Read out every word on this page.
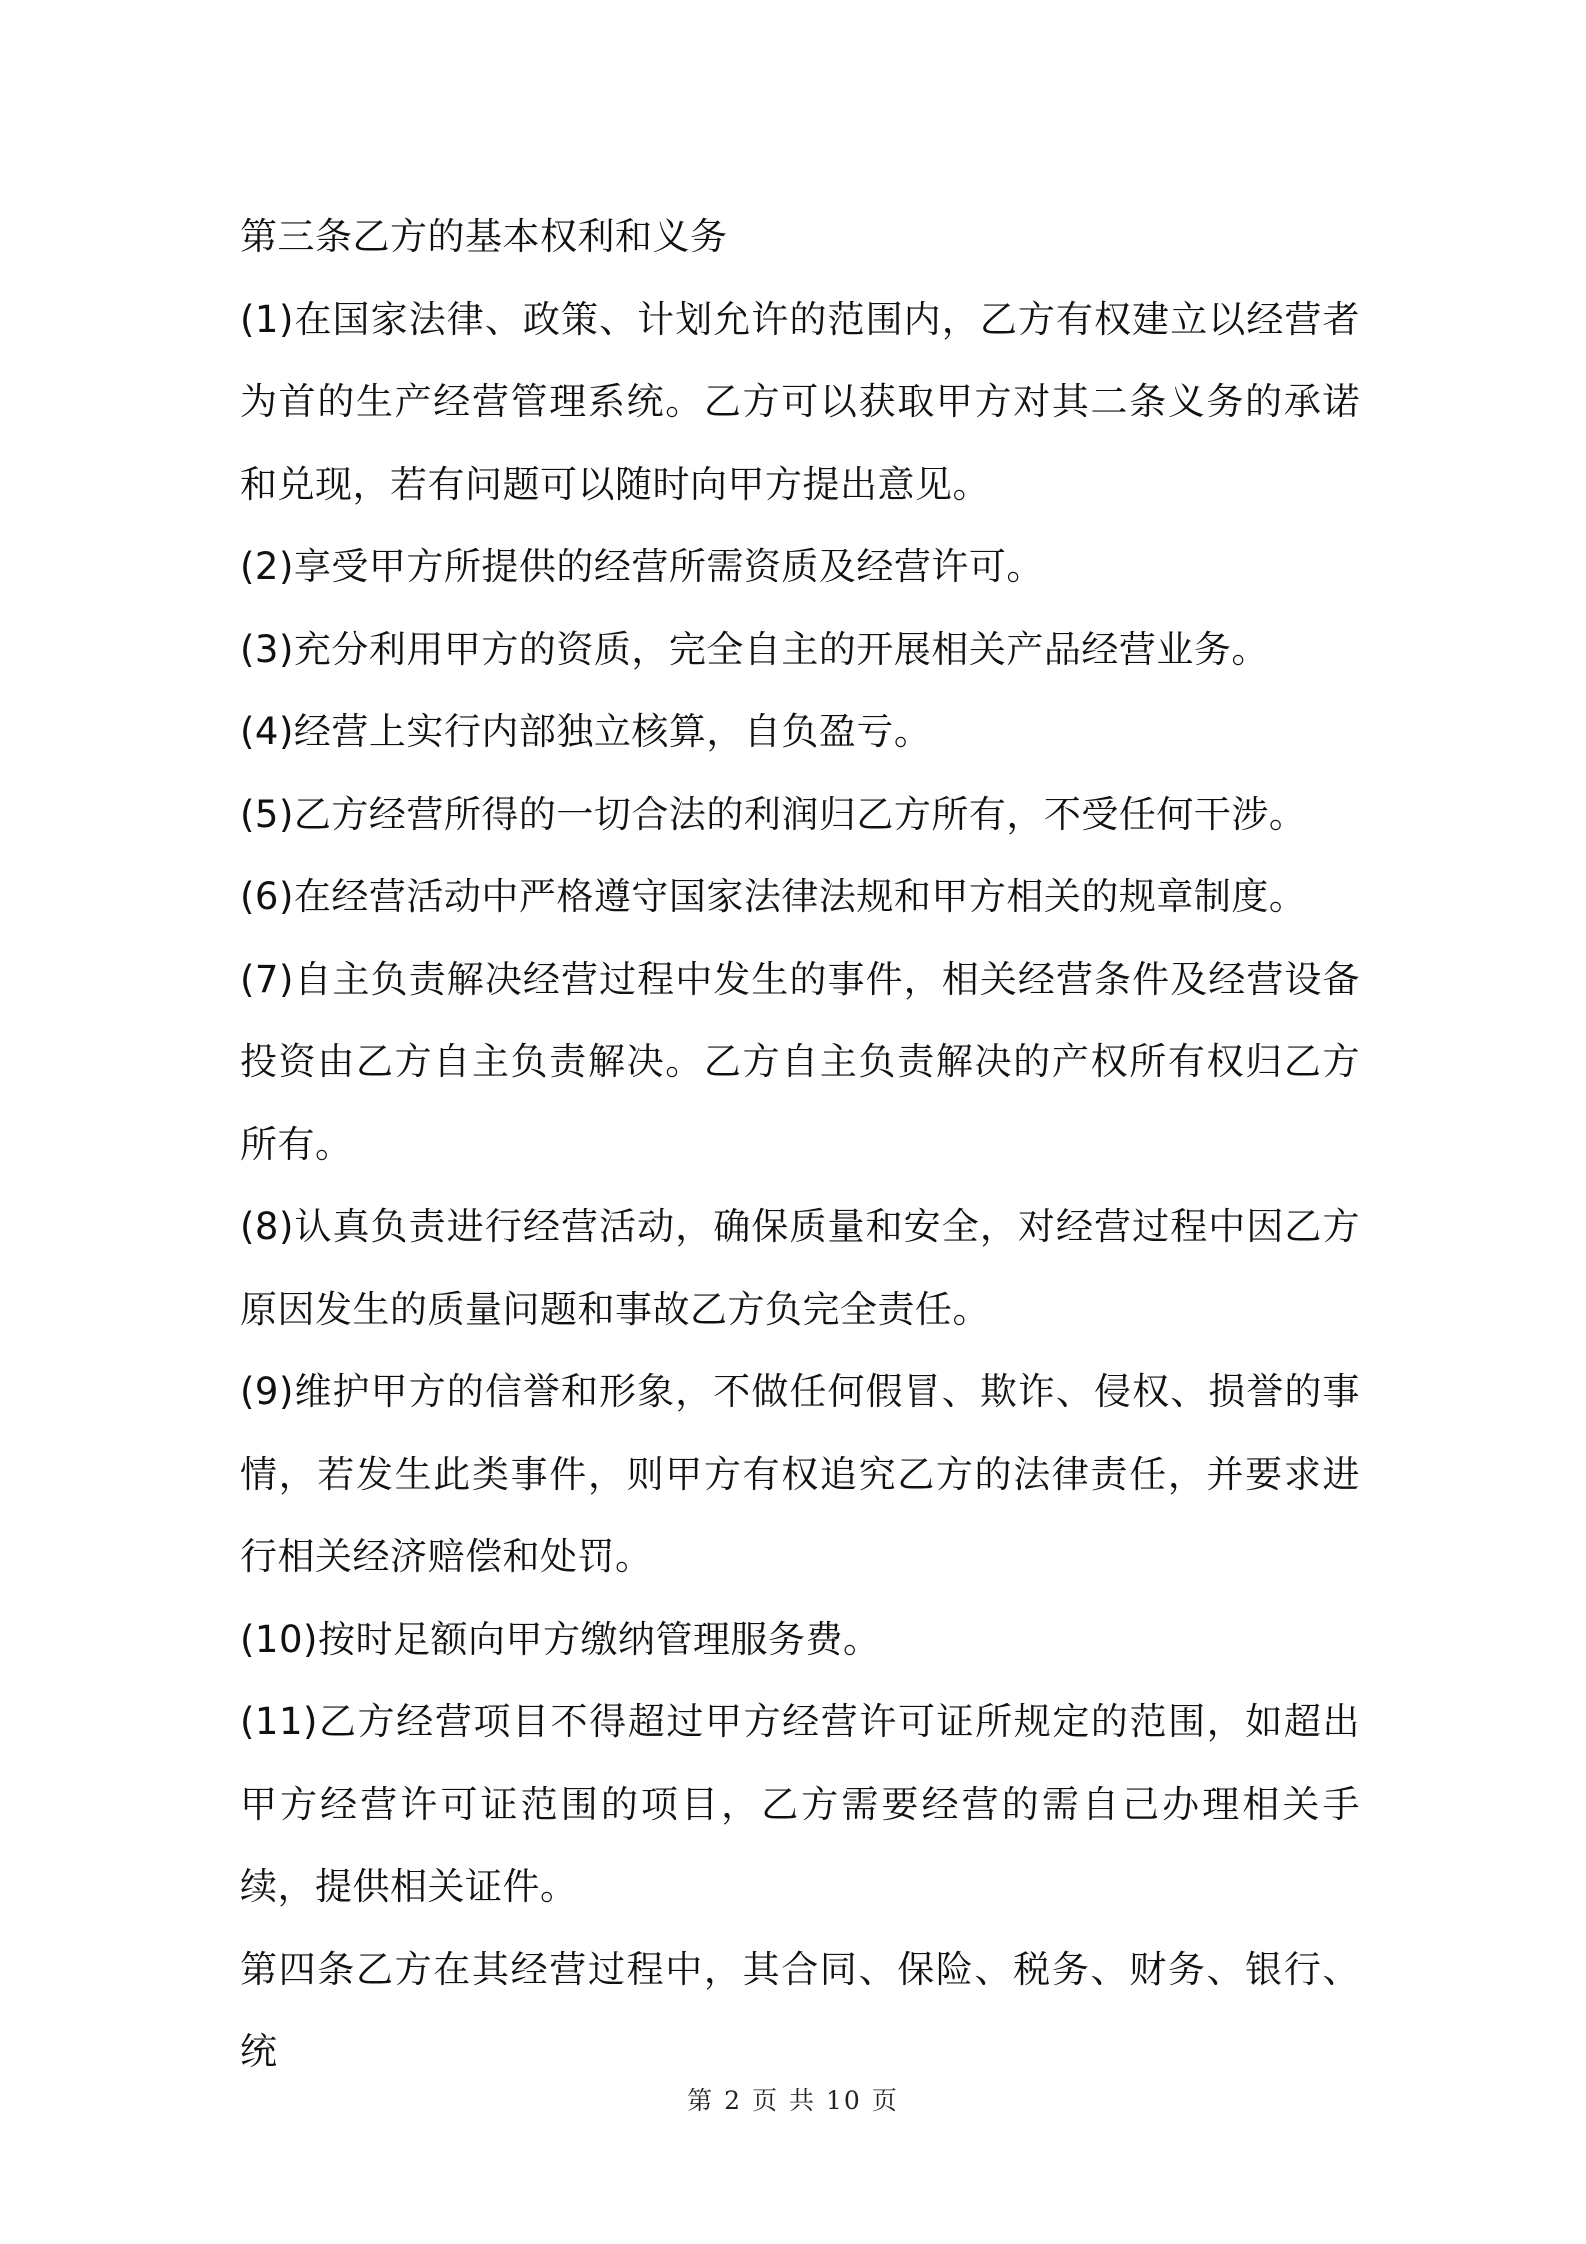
第三条乙方的基本权利和义务

(1)在国家法律、政策、计划允许的范围内，乙方有权建立以经营者为首的生产经营管理系统。乙方可以获取甲方对其二条义务的承诺和兑现，若有问题可以随时向甲方提出意见。

(2)享受甲方所提供的经营所需资质及经营许可。

(3)充分利用甲方的资质，完全自主的开展相关产品经营业务。

(4)经营上实行内部独立核算，自负盈亏。

(5)乙方经营所得的一切合法的利润归乙方所有，不受任何干涉。

(6)在经营活动中严格遵守国家法律法规和甲方相关的规章制度。

(7)自主负责解决经营过程中发生的事件，相关经营条件及经营设备投资由乙方自主负责解决。乙方自主负责解决的产权所有权归乙方所有。

(8)认真负责进行经营活动，确保质量和安全，对经营过程中因乙方原因发生的质量问题和事故乙方负完全责任。

(9)维护甲方的信誉和形象，不做任何假冒、欺诈、侵权、损誉的事情，若发生此类事件，则甲方有权追究乙方的法律责任，并要求进行相关经济赔偿和处罚。

(10)按时足额向甲方缴纳管理服务费。

(11)乙方经营项目不得超过甲方经营许可证所规定的范围，如超出甲方经营许可证范围的项目，乙方需要经营的需自己办理相关手续，提供相关证件。

第四条乙方在其经营过程中，其合同、保险、税务、财务、银行、统

第 2 页 共 10 页
